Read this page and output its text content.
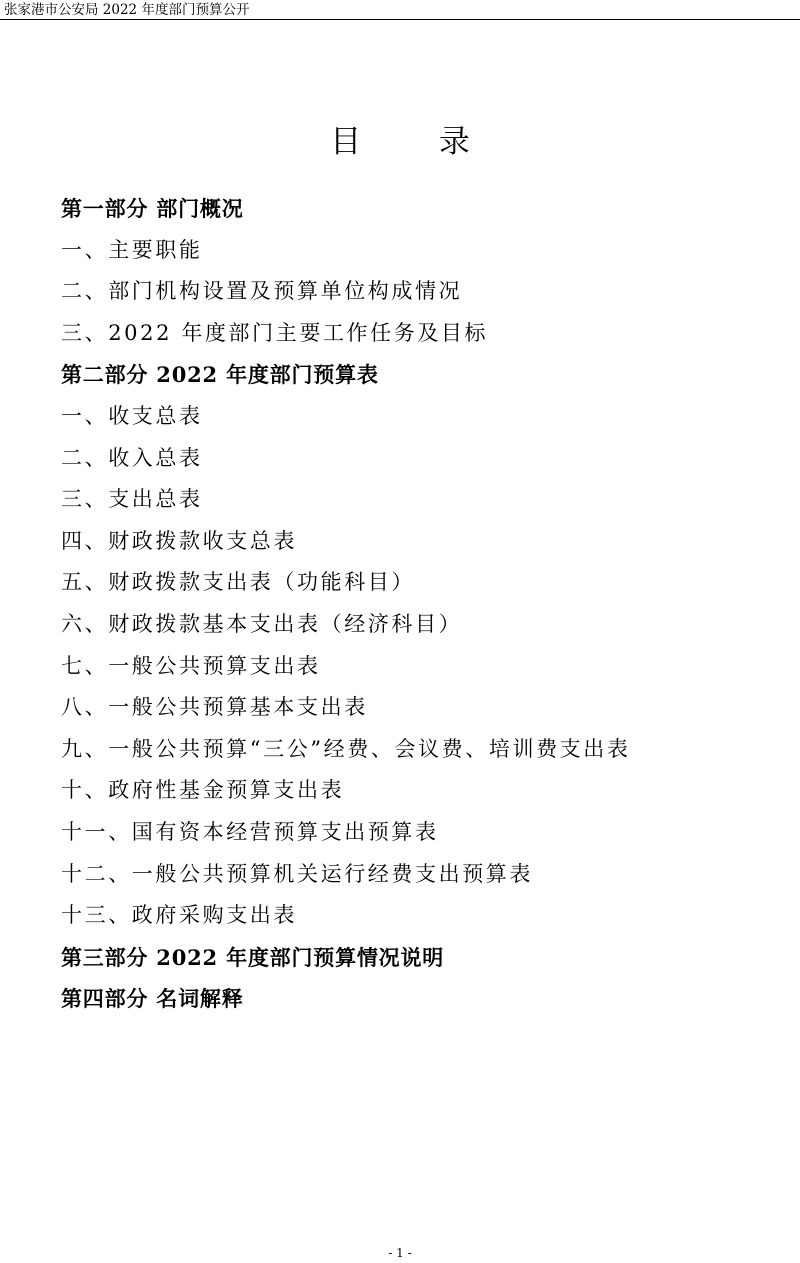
张家港市公安局 2022 年度部门预算公开
目 录
第一部分 部门概况
一、主要职能
二、部门机构设置及预算单位构成情况
三、2022 年度部门主要工作任务及目标
第二部分 2022 年度部门预算表
一、收支总表
二、收入总表
三、支出总表
四、财政拨款收支总表
五、财政拨款支出表（功能科目）
六、财政拨款基本支出表（经济科目）
七、一般公共预算支出表
八、一般公共预算基本支出表
九、一般公共预算“三公”经费、会议费、培训费支出表
十、政府性基金预算支出表
十一、国有资本经营预算支出预算表
十二、一般公共预算机关运行经费支出预算表
十三、政府采购支出表
第三部分 2022 年度部门预算情况说明
第四部分 名词解释
- 1 -
